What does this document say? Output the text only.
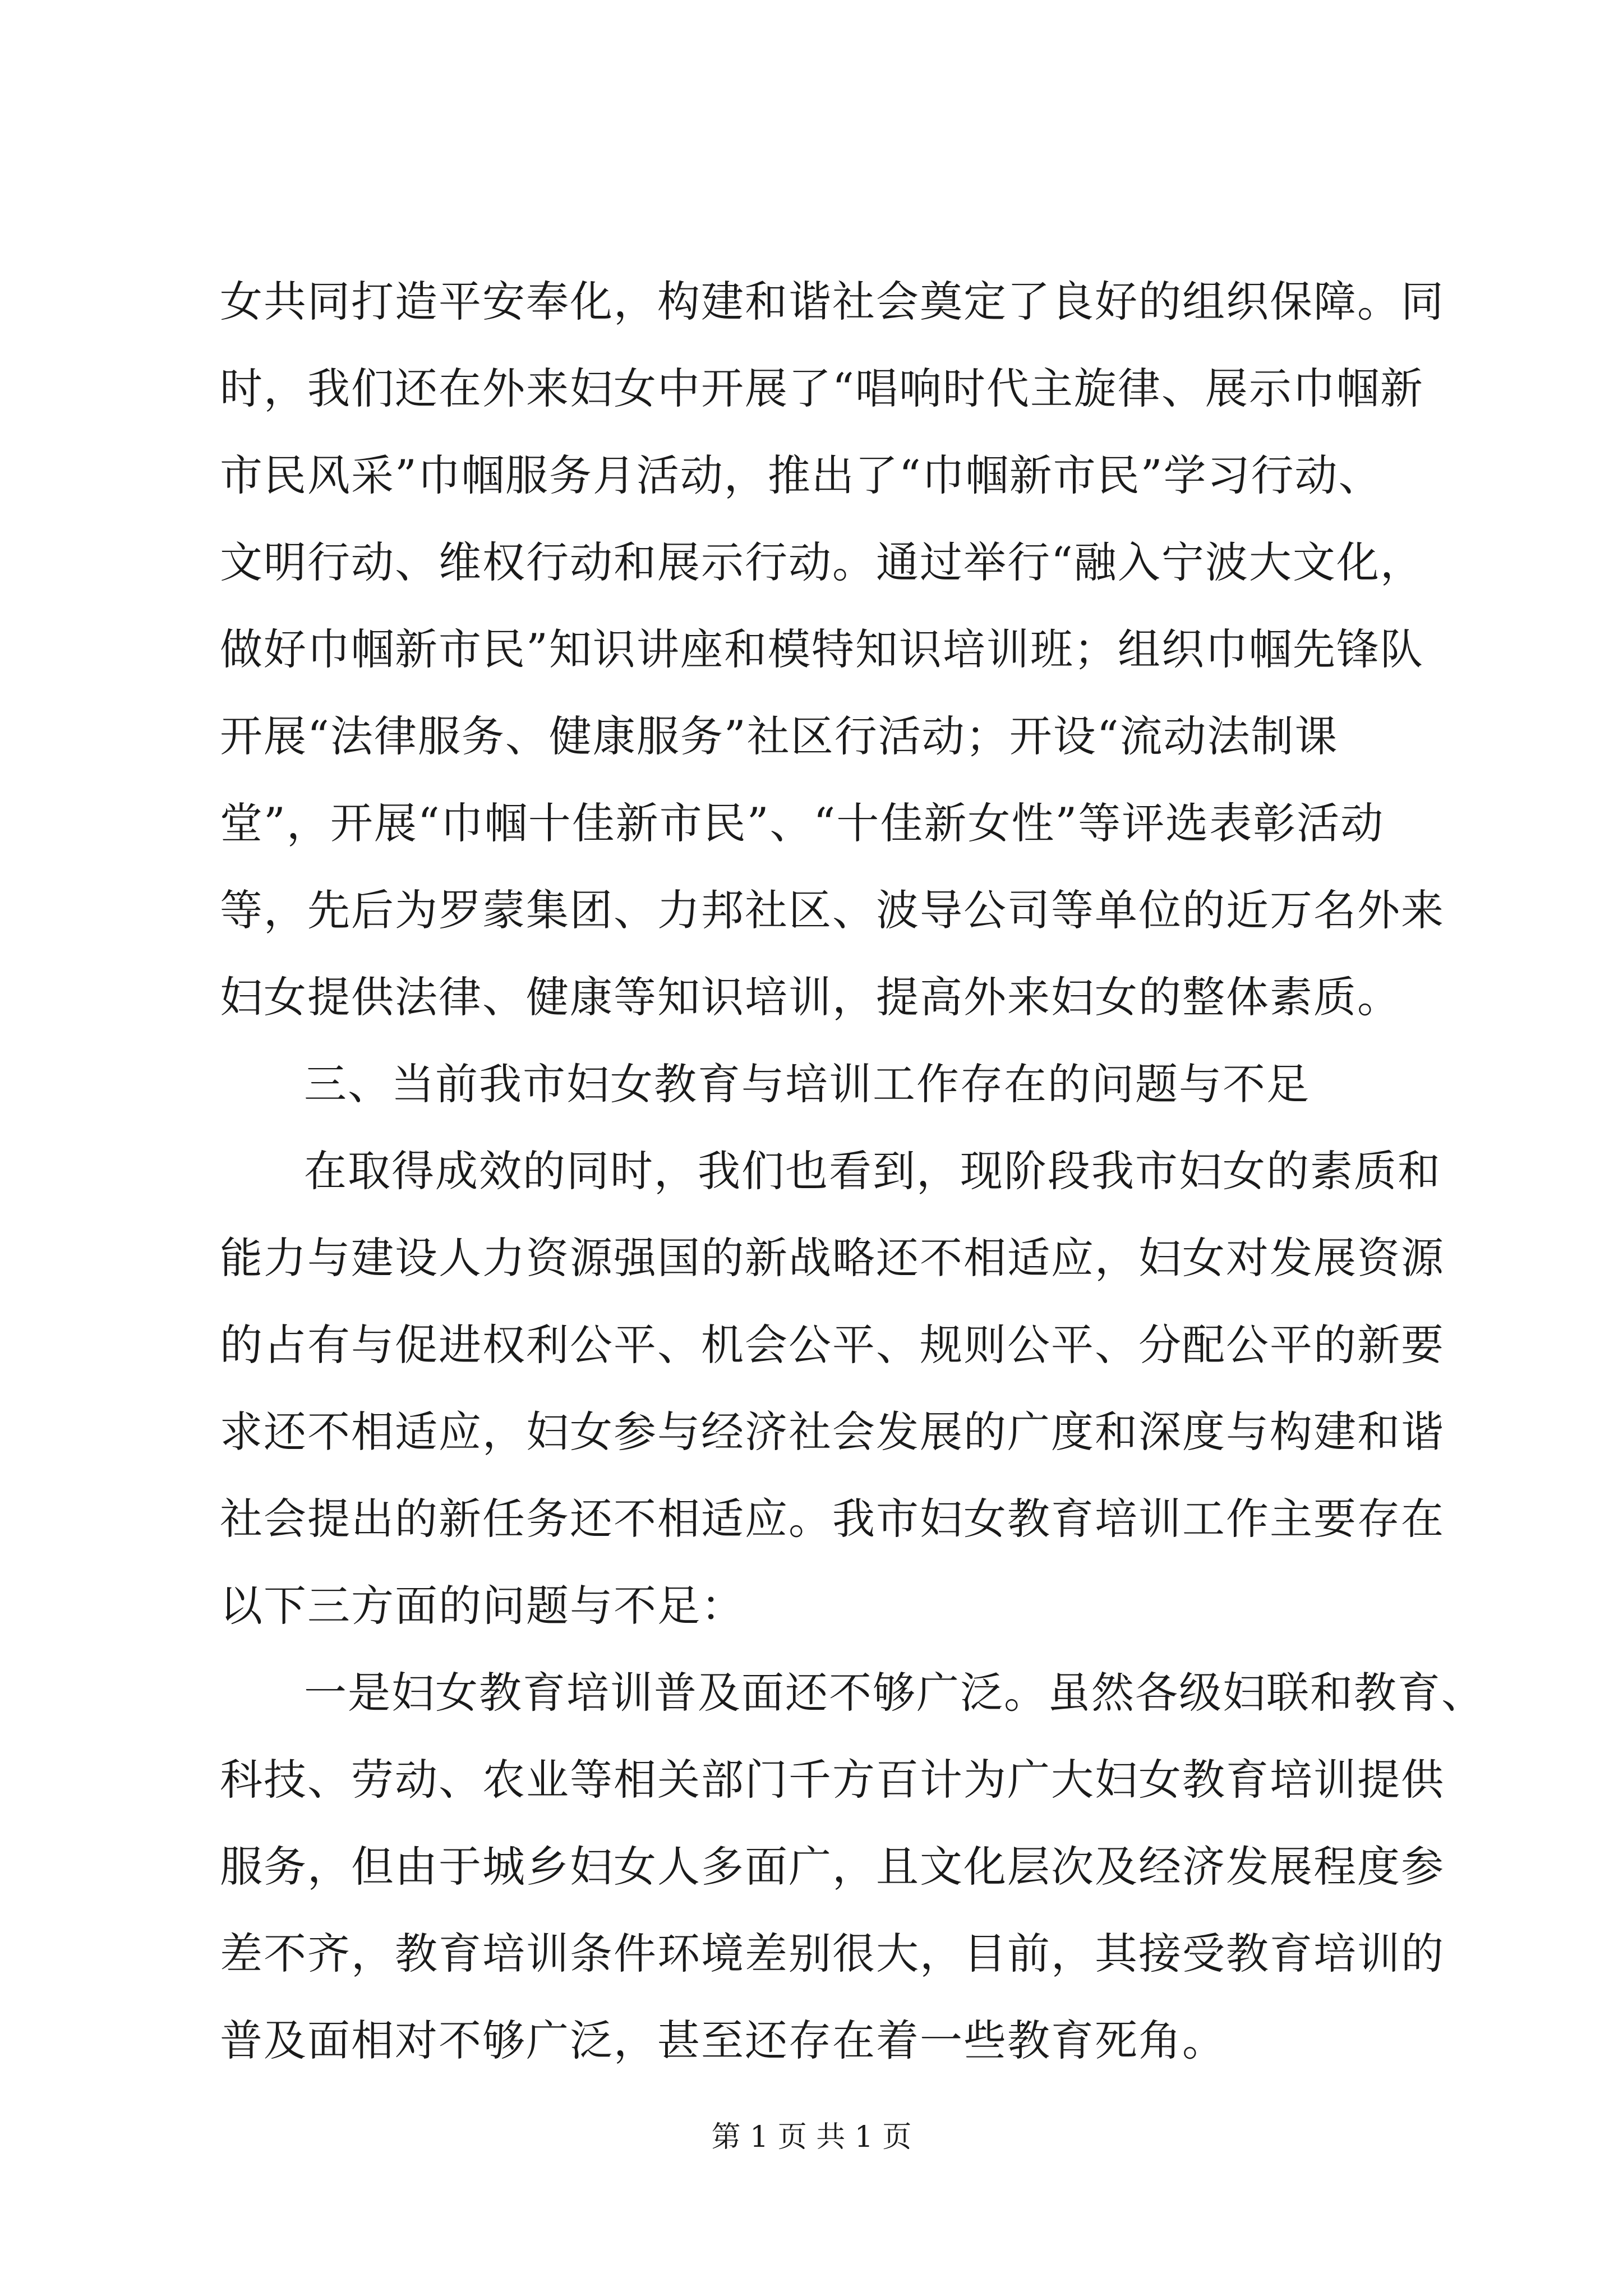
女共同打造平安奉化，构建和谐社会奠定了良好的组织保障。同
时，我们还在外来妇女中开展了“唱响时代主旋律、展示巾帼新
市民风采”巾帼服务月活动，推出了“巾帼新市民”学习行动、
文明行动、维权行动和展示行动。通过举行“融入宁波大文化，
做好巾帼新市民”知识讲座和模特知识培训班；组织巾帼先锋队
开展“法律服务、健康服务”社区行活动；开设“流动法制课
堂”，开展“巾帼十佳新市民”、“十佳新女性”等评选表彰活动
等，先后为罗蒙集团、力邦社区、波导公司等单位的近万名外来
妇女提供法律、健康等知识培训，提高外来妇女的整体素质。
三、当前我市妇女教育与培训工作存在的问题与不足
在取得成效的同时，我们也看到，现阶段我市妇女的素质和
能力与建设人力资源强国的新战略还不相适应，妇女对发展资源
的占有与促进权利公平、机会公平、规则公平、分配公平的新要
求还不相适应，妇女参与经济社会发展的广度和深度与构建和谐
社会提出的新任务还不相适应。我市妇女教育培训工作主要存在
以下三方面的问题与不足：
一是妇女教育培训普及面还不够广泛。虽然各级妇联和教育、
科技、劳动、农业等相关部门千方百计为广大妇女教育培训提供
服务，但由于城乡妇女人多面广，且文化层次及经济发展程度参
差不齐，教育培训条件环境差别很大，目前，其接受教育培训的
普及面相对不够广泛，甚至还存在着一些教育死角。
第 1 页 共 1 页
